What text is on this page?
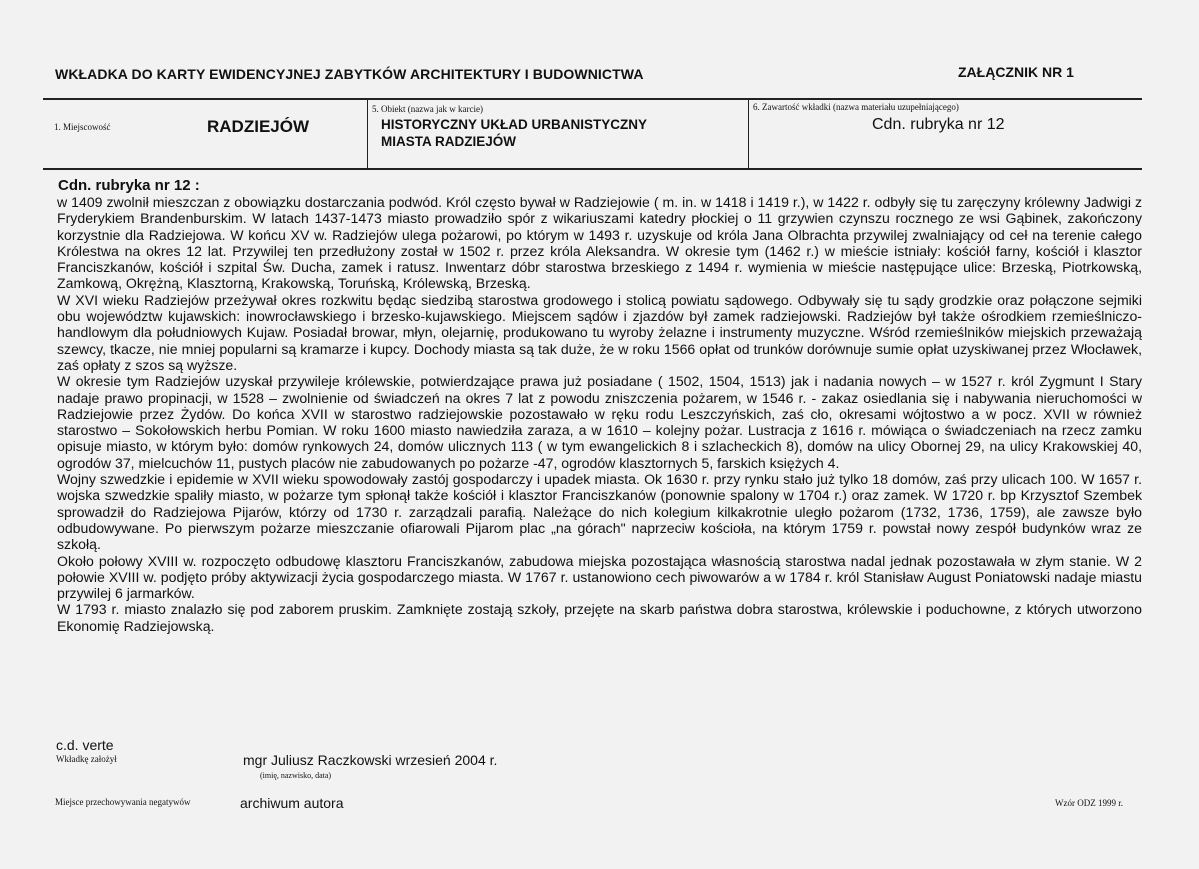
WKŁADKA DO KARTY EWIDENCYJNEJ ZABYTKÓW ARCHITEKTURY I BUDOWNICTWA	ZAŁĄCZNIK NR 1
1. Miejscowość	RADZIEJÓW
5. Obiekt (nazwa jak w karcie)
HISTORYCZNY UKŁAD URBANISTYCZNY
MIASTA RADZIEJÓW
6. Zawartość wkładki (nazwa materiału uzupełniającego)
Cdn. rubryka nr 12
Cdn. rubryka nr 12 :

w 1409 zwolnił mieszczan z obowiązku dostarczania podwód. Król często bywał w Radziejowie ( m. in. w 1418 i 1419 r.), w 1422 r. odbyły się tu zaręczyny królewny Jadwigi z Fryderykiem Brandenburskim. W latach 1437-1473 miasto prowadziło spór z wikariuszami katedry płockiej o 11 grzywien czynszu rocznego ze wsi Gąbinek, zakończony korzystnie dla Radziejowa. W końcu XV w. Radziejów ulega pożarowi, po którym w 1493 r. uzyskuje od króla Jana Olbrachta przywilej zwalniający od ceł na terenie całego Królestwa na okres 12 lat. Przywilej ten przedłużony został w 1502 r. przez króla Aleksandra. W okresie tym (1462 r.) w mieście istniały: kościół farny, kościół i klasztor Franciszkanów, kościół i szpital Św. Ducha, zamek i ratusz. Inwentarz dóbr starostwa brzeskiego z 1494 r. wymienia w mieście następujące ulice: Brzeską, Piotrkowską, Zamkową, Okrężną, Klasztorną, Krakowską, Toruńską, Królewską, Brzeską.

W XVI wieku Radziejów przeżywał okres rozkwitu będąc siedzibą starostwa grodowego i stolicą powiatu sądowego. Odbywały się tu sądy grodzkie oraz połączone sejmiki obu województw kujawskich: inowrocławskiego i brzesko-kujawskiego. Miejscem sądów i zjazdów był zamek radziejowski. Radziejów był także ośrodkiem rzemieślniczo-handlowym dla południowych Kujaw. Posiadał browar, młyn, olejarnię, produkowano tu wyroby żelazne i instrumenty muzyczne. Wśród rzemieślników miejskich przeważają szewcy, tkacze, nie mniej popularni są kramarze i kupcy. Dochody miasta są tak duże, że w roku 1566 opłat od trunków dorównuje sumie opłat uzyskiwanej przez Włocławek, zaś opłaty z szos są wyższe.

W okresie tym Radziejów uzyskał przywileje królewskie, potwierdzające prawa już posiadane ( 1502, 1504, 1513) jak i nadania nowych – w 1527 r. król Zygmunt I Stary nadaje prawo propinacji, w 1528 – zwolnienie od świadczeń na okres 7 lat z powodu zniszczenia pożarem, w 1546 r. - zakaz osiedlania się i nabywania nieruchomości w Radziejowie przez Żydów. Do końca XVII w starostwo radziejowskie pozostawało w ręku rodu Leszczyńskich, zaś cło, okresami wójtostwo a w pocz. XVII w również starostwo – Sokołowskich herbu Pomian. W roku 1600 miasto nawiedziła zaraza, a w 1610 – kolejny pożar. Lustracja z 1616 r. mówiąca o świadczeniach na rzecz zamku opisuje miasto, w którym było: domów rynkowych 24, domów ulicznych 113 ( w tym ewangelickich 8 i szlacheckich 8), domów na ulicy Obornej 29, na ulicy Krakowskiej 40, ogrodów 37, mielcuchów 11, pustych placów nie zabudowanych po pożarze -47, ogrodów klasztornych 5, farskich księżych 4.

Wojny szwedzkie i epidemie w XVII wieku spowodowały zastój gospodarczy i upadek miasta. Ok 1630 r. przy rynku stało już tylko 18 domów, zaś przy ulicach 100. W 1657 r. wojska szwedzkie spaliły miasto, w pożarze tym spłonął także kościół i klasztor Franciszkanów (ponownie spalony w 1704 r.) oraz zamek. W 1720 r. bp Krzysztof Szembek sprowadził do Radziejowa Pijarów, którzy od 1730 r. zarządzali parafią. Należące do nich kolegium kilkakrotnie uległo pożarom (1732, 1736, 1759), ale zawsze było odbudowywane. Po pierwszym pożarze mieszczanie ofiarowali Pijarom plac „na górach" naprzeciw kościoła, na którym 1759 r. powstał nowy zespół budynków wraz ze szkołą.

Około połowy XVIII w. rozpoczęto odbudowę klasztoru Franciszkanów, zabudowa miejska pozostająca własnością starostwa nadal jednak pozostawała w złym stanie. W 2 połowie XVIII w. podjęto próby aktywizacji życia gospodarczego miasta. W 1767 r. ustanowiono cech piwowarów a w 1784 r. król Stanisław August Poniatowski nadaje miastu przywilej 6 jarmarków.

W 1793 r. miasto znalazło się pod zaborem pruskim. Zamknięte zostają szkoły, przejęte na skarb państwa dobra starostwa, królewskie i poduchowne, z których utworzono Ekonomię Radziejowską.

c.d. verte
Wkładkę założył	mgr Juliusz Raczkowski wrzesień 2004 r.
(imię, nazwisko, data)
Miejsce przechowywania negatywów	archiwum autora	Wzór ODZ 1999 r.
